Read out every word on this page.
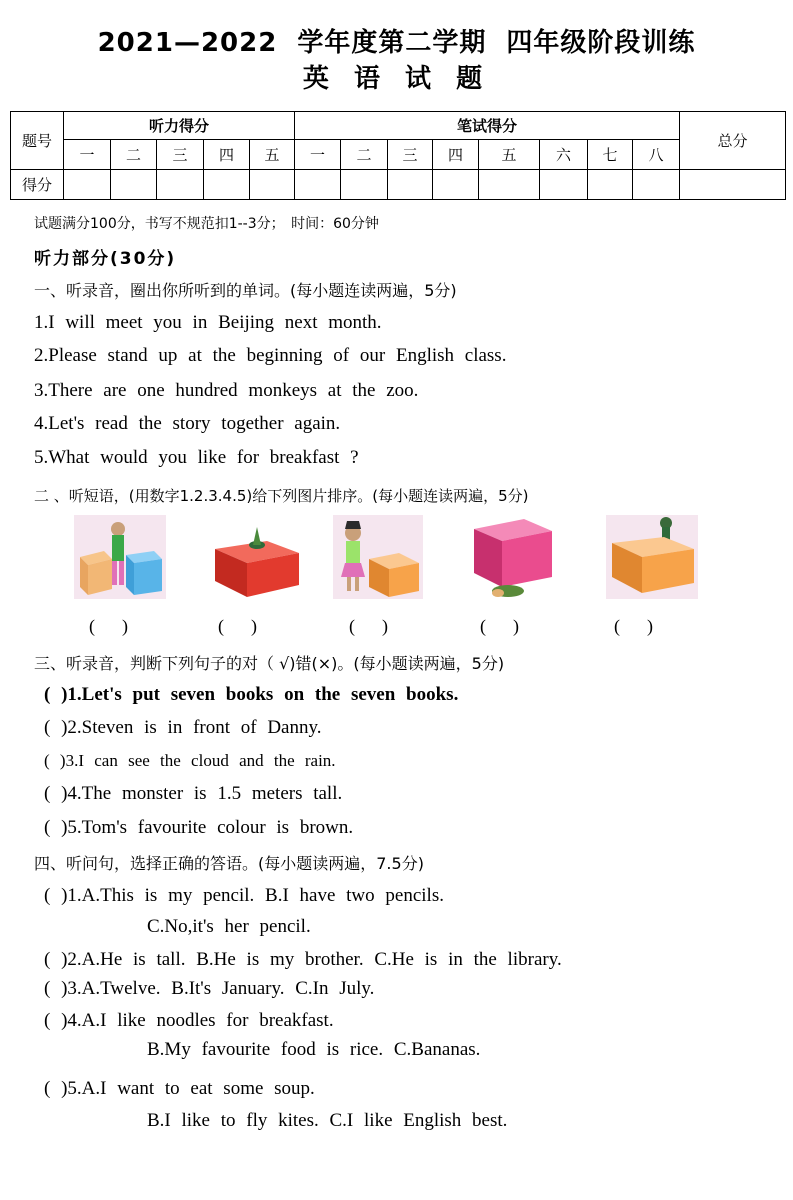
2021—2022 学年度第二学期 四年级阶段训练
英 语 试 题
题号	听力得分					笔试得分								总分
	一	二	三	四	五	一	二	三	四	五	六	七	八	
得分														
试题满分100分，书写不规范扣1--3分； 时间：60分钟
听力部分(30分)
一、听录音，圈出你所听到的单词。(每小题连读两遍，5分)
1.I will meet you in Beijing next month.
2.Please stand up at the beginning of our English class.
3.There are one hundred monkeys at the zoo.
4.Let's read the story together again.
5.What would you like for breakfast ?
二 、听短语，(用数字1.2.3.4.5)给下列图片排序。(每小题连读两遍，5分)
(      )	(      )	(      )	(      )	(      )
三、听录音，判断下列句子的对（ √)错(×)。(每小题读两遍，5分)
( )1.Let's put seven books on the seven books.
( )2.Steven is in front of Danny.
( )3.I can see the cloud and the rain.
( )4.The monster is 1.5 meters tall.
( )5.Tom's favourite colour is brown.
四、听问句，选择正确的答语。(每小题读两遍，7.5分)
( )1.A.This is my pencil. B.I have two pencils.
C.No,it's her pencil.
( )2.A.He is tall. B.He is my brother. C.He is in the library.
( )3.A.Twelve. B.It's January. C.In July.
( )4.A.I like noodles for breakfast.
B.My favourite food is rice. C.Bananas.
( )5.A.I want to eat some soup.
B.I like to fly kites. C.I like English best.
